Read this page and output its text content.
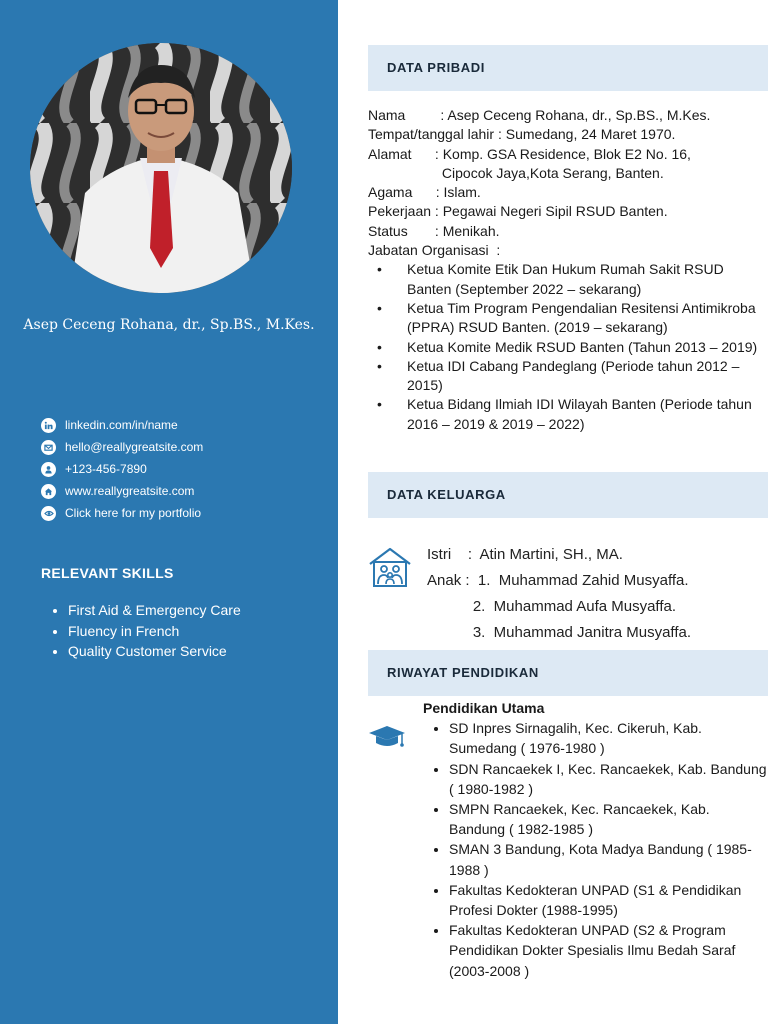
Asep Ceceng Rohana, dr., Sp.BS., M.Kes.
linkedin.com/in/name
hello@reallygreatsite.com
+123-456-7890
www.reallygreatsite.com
Click here for my portfolio
RELEVANT SKILLS
• First Aid & Emergency Care
• Fluency in French
• Quality Customer Service
DATA PRIBADI
Nama         : Asep Ceceng Rohana, dr., Sp.BS., M.Kes.
Tempat/tanggal lahir : Sumedang, 24 Maret 1970.
Alamat      : Komp. GSA Residence, Blok E2 No. 16,
Cipocok Jaya,Kota Serang, Banten.
Agama      : Islam.
Pekerjaan : Pegawai Negeri Sipil RSUD Banten.
Status       : Menikah.
Jabatan Organisasi  :
• Ketua Komite Etik Dan Hukum Rumah Sakit RSUD Banten (September 2022 – sekarang)
• Ketua Tim Program Pengendalian Resitensi Antimikroba (PPRA) RSUD Banten. (2019 – sekarang)
• Ketua Komite Medik RSUD Banten (Tahun 2013 – 2019)
• Ketua IDI Cabang Pandeglang (Periode tahun 2012 – 2015)
• Ketua Bidang Ilmiah IDI Wilayah Banten (Periode tahun 2016 – 2019 & 2019 – 2022)
DATA KELUARGA
Istri    :  Atin Martini, SH., MA.
Anak :  1.  Muhammad Zahid Musyaffa.
2.  Muhammad Aufa Musyaffa.
3.  Muhammad Janitra Musyaffa.
RIWAYAT PENDIDIKAN
Pendidikan Utama
• SD Inpres Sirnagalih, Kec. Cikeruh, Kab. Sumedang ( 1976-1980 )
• SDN Rancaekek I, Kec. Rancaekek, Kab. Bandung ( 1980-1982 )
• SMPN Rancaekek, Kec. Rancaekek, Kab. Bandung ( 1982-1985 )
• SMAN 3 Bandung, Kota Madya Bandung ( 1985-1988 )
• Fakultas Kedokteran UNPAD (S1 & Pendidikan Profesi Dokter (1988-1995)
• Fakultas Kedokteran UNPAD (S2 & Program Pendidikan Dokter Spesialis Ilmu Bedah Saraf (2003-2008 )
